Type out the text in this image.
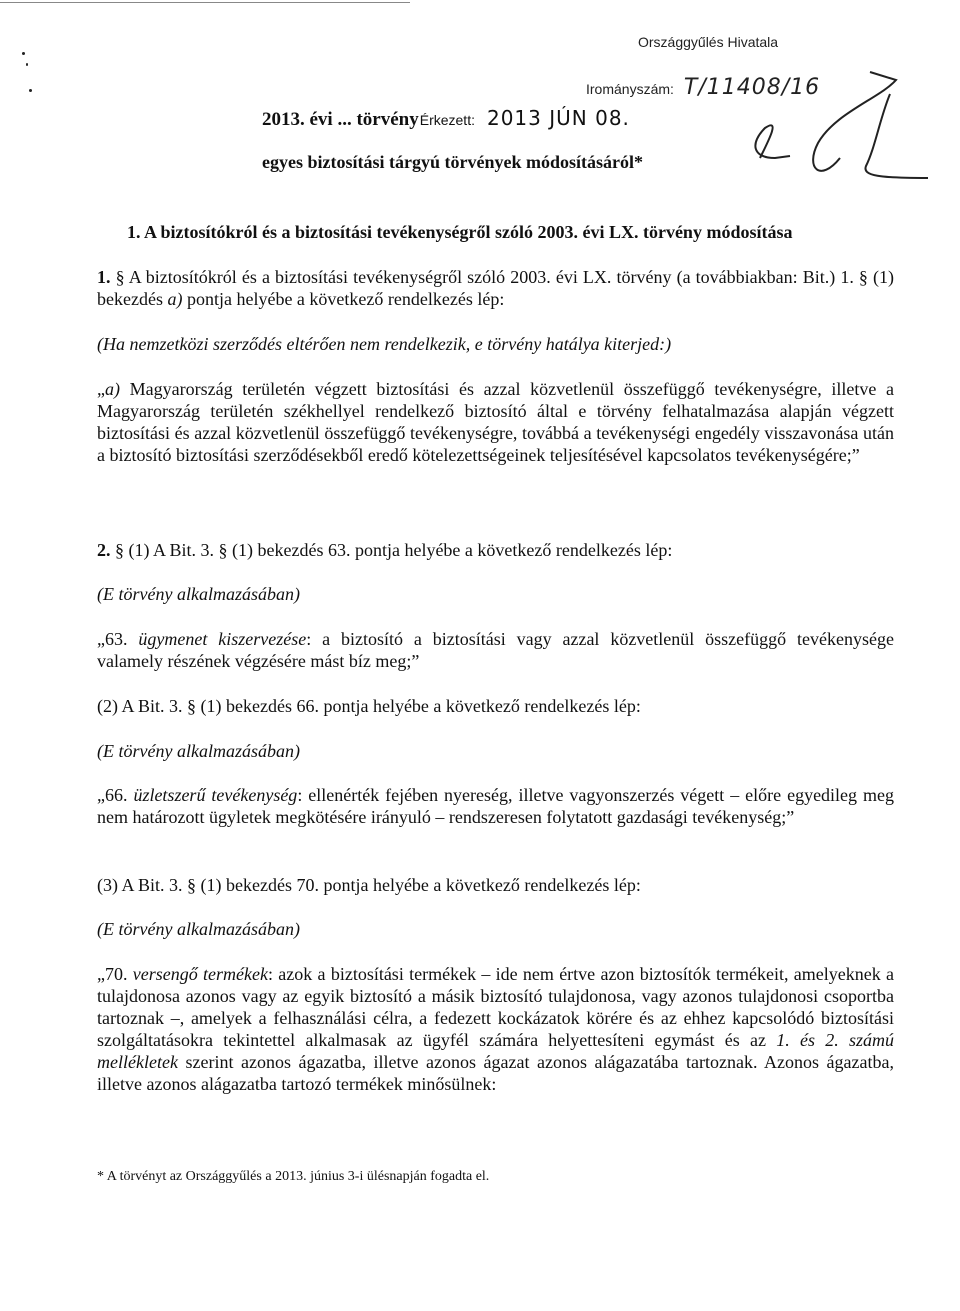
Országgyűlés Hivatala
Irományszám: T/11408/16
2013. évi ... törvényÉrkezett: 2013 JÚN 08.
egyes biztosítási tárgyú törvények módosításáról*
1. A biztosítókról és a biztosítási tevékenységről szóló 2003. évi LX. törvény módosítása
1. § A biztosítókról és a biztosítási tevékenységről szóló 2003. évi LX. törvény (a továbbiakban: Bit.) 1. § (1) bekezdés a) pontja helyébe a következő rendelkezés lép:
(Ha nemzetközi szerződés eltérően nem rendelkezik, e törvény hatálya kiterjed:)
„a) Magyarország területén végzett biztosítási és azzal közvetlenül összefüggő tevékenységre, illetve a Magyarország területén székhellyel rendelkező biztosító által e törvény felhatalmazása alapján végzett biztosítási és azzal közvetlenül összefüggő tevékenységre, továbbá a tevékenységi engedély visszavonása után a biztosító biztosítási szerződésekből eredő kötelezettségeinek teljesítésével kapcsolatos tevékenységére;”
2. § (1) A Bit. 3. § (1) bekezdés 63. pontja helyébe a következő rendelkezés lép:
(E törvény alkalmazásában)
„63. ügymenet kiszervezése: a biztosító a biztosítási vagy azzal közvetlenül összefüggő tevékenysége valamely részének végzésére mást bíz meg;”
(2) A Bit. 3. § (1) bekezdés 66. pontja helyébe a következő rendelkezés lép:
(E törvény alkalmazásában)
„66. üzletszerű tevékenység: ellenérték fejében nyereség, illetve vagyonszerzés végett – előre egyedileg meg nem határozott ügyletek megkötésére irányuló – rendszeresen folytatott gazdasági tevékenység;”
(3) A Bit. 3. § (1) bekezdés 70. pontja helyébe a következő rendelkezés lép:
(E törvény alkalmazásában)
„70. versengő termékek: azok a biztosítási termékek – ide nem értve azon biztosítók termékeit, amelyeknek a tulajdonosa azonos vagy az egyik biztosító a másik biztosító tulajdonosa, vagy azonos tulajdonosi csoportba tartoznak –, amelyek a felhasználási célra, a fedezett kockázatok körére és az ehhez kapcsolódó biztosítási szolgáltatásokra tekintettel alkalmasak az ügyfél számára helyettesíteni egymást és az 1. és 2. számú mellékletek szerint azonos ágazatba, illetve azonos ágazat azonos alágazatába tartoznak. Azonos ágazatba, illetve azonos alágazatba tartozó termékek minősülnek:
* A törvényt az Országgyűlés a 2013. június 3-i ülésnapján fogadta el.
